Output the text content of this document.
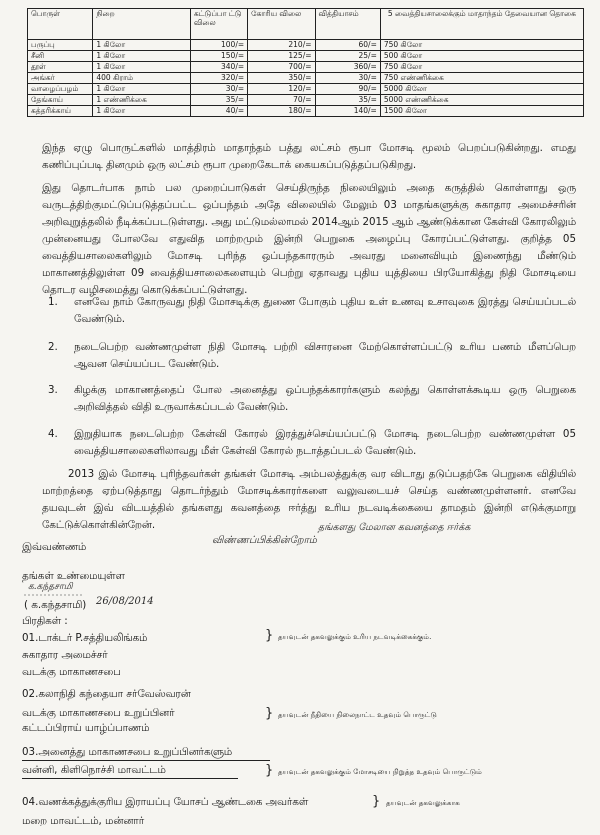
பொருள்	நிறை	கட்டுப்பா ட்டு விலை	கோரிய விலை	வித்தியாசம்	5 வைத்தியசாலைக்கும் மாதாந்தம் தேவையான தொகை
பருப்பு	1 கிலோ	100/=	210/=	60/=	750 கிலோ
சீனி	1 கிலோ	150/=	125/=	25/=	500 கிலோ
தூள்	1 கிலோ	340/=	700/=	360/=	750 கிலோ
அங்கர்	400 கிராம்	320/=	350/=	30/=	750 எண்ணிக்கை
வாழைப்பழம்	1 கிலோ	30/=	120/=	90/=	5000 கிலோ
தேங்காய்	1 எண்ணிக்கை	35/=	70/=	35/=	5000 எண்ணிக்கை
கத்தரிக்காய்	1 கிலோ	40/=	180/=	140/=	1500 கிலோ
இந்த ஏழு பொருட்களில் மாத்திரம் மாதாந்தம் பத்து லட்சம் ரூபா மோசடி மூலம் பெறப்படுகின்றது. எமது கணிப்புப்படி தினமும் ஒரு லட்சம் ரூபா முறைகேடாக் கையகப்படுத்தப்படுகிறது.
இது தொடர்பாக நாம் பல முறைப்பாடுகள் செய்திருந்த நிலையிலும் அதை கருத்தில் கொள்ளாது ஒரு வருடத்திற்குமட்டுப்படுத்தப்பட்ட ஒப்பந்தம் அதே விலையில் மேலும் 03 மாதங்களுக்கு சுகாதார அமைச்சரின் அறிவுறுத்தலில் நீடிக்கப்படடுள்ளது. அது மட்டுமல்லாமல் 2014ஆம் 2015 ஆம் ஆண்டுக்கான கேள்வி கோரலிலும் முன்னையது போலவே எதுவித மாற்றமும் இன்றி பெறுகை அழைப்பு கோரப்பட்டுள்ளது. குறித்த 05 வைத்தியசாலைகளிலும் மோசடி புரிந்த ஒப்பந்தகாரரும் அவரது மனைவியும் இணைந்து மீண்டும் மாகாணத்திலுள்ள 09 வைத்தியசாலைகளையும் பெற்று ஏதாவது புதிய யுத்தியை பிரயோகித்து நிதி மோசடியை தொடர வழிசமைத்து கொடுக்கப்பட்டுள்ளது.
1. எனவே நாம் கோருவது நிதி மோசடிக்கு துணை போகும் புதிய உள் உணவு உசாவுகை இரத்து செய்யப்படல் வேண்டும்.
2. நடைபெற்ற வண்ணமுள்ள நிதி மோசடி பற்றி விசாரனை மேற்கொள்ளப்பட்டு உரிய பணம் மீளப்பெற ஆவன செய்யப்பட வேண்டும்.
3. கிழக்கு மாகாணத்தைப் போல அனைத்து ஒப்பந்தக்காரர்களும் கலந்து கொள்ளக்கூடிய ஒரு பெறுகை அறிவித்தல் விதி உருவாக்கப்படல் வேண்டும்.
4. இறுதியாக நடைபெற்ற கேள்வி கோரல் இரத்துச்செய்யப்பட்டு மோசடி நடைபெற்ற வண்ணமுள்ள 05 வைத்தியசாலைகளிலாவது மீள் கேள்வி கோரல் நடாத்தப்படல் வேண்டும்.
2013 இல் மோசடி புரிந்தவர்கள் தங்கள் மோசடி அம்பலத்துக்கு வர விடாது தடுப்பதற்கே பெறுகை விதியில் மாற்றத்தை ஏற்படுத்தாது தொடர்ந்தும் மோசடிக்காரர்களை வலுவடையச் செய்த வண்ணமுள்ளனர். எனவே தயவுடன் இவ் விடயத்தில் தங்களது கவனத்தை ஈர்த்து உரிய நடவடிக்கையை தாமதம் இன்றி எடுக்குமாறு கேட்டுக்கொள்கின்றேன்.	தங்களது மேலான கவனத்தை ஈர்க்க
விண்ணப்பிக்கின்றோம்
இவ்வண்ணம்
தங்கள் உண்மையுள்ள
க.கந்தசாமி
( க.கந்தசாமி) 26/08/2014
பிரதிகள் :
01.டாக்டர் P.சத்தியலிங்கம்
சுகாதார அமைச்சர்
வடக்கு மாகாணசபை
} தயவுடன் தகவலுக்கும் உரிய நடவடிக்கைக்கும்.
02.கலாநிதி கந்தையா சர்வேஸ்வரன்
வடக்கு மாகாணசபை உறுப்பினர்
கட்டப்பிராய் யாழ்ப்பாணம்
} தயவுடன் நீதியை நிலைநாட்ட உதவும் பொருட்டு
03.அனைத்து மாகாணசபை உறுப்பினர்களும்
வன்னி, கிளிநொச்சி மாவட்டம்	} தயவுடன் தகவலுக்கும் மோசடியை நிறுத்த உதவும் பொருட்டும்
04.வணக்கத்துக்குரிய இராயப்பு யோசப் ஆண்டகை அவர்கள்
மறை மாவட்டம், மன்னார்
} தயவுடன் தகவலுக்காக
